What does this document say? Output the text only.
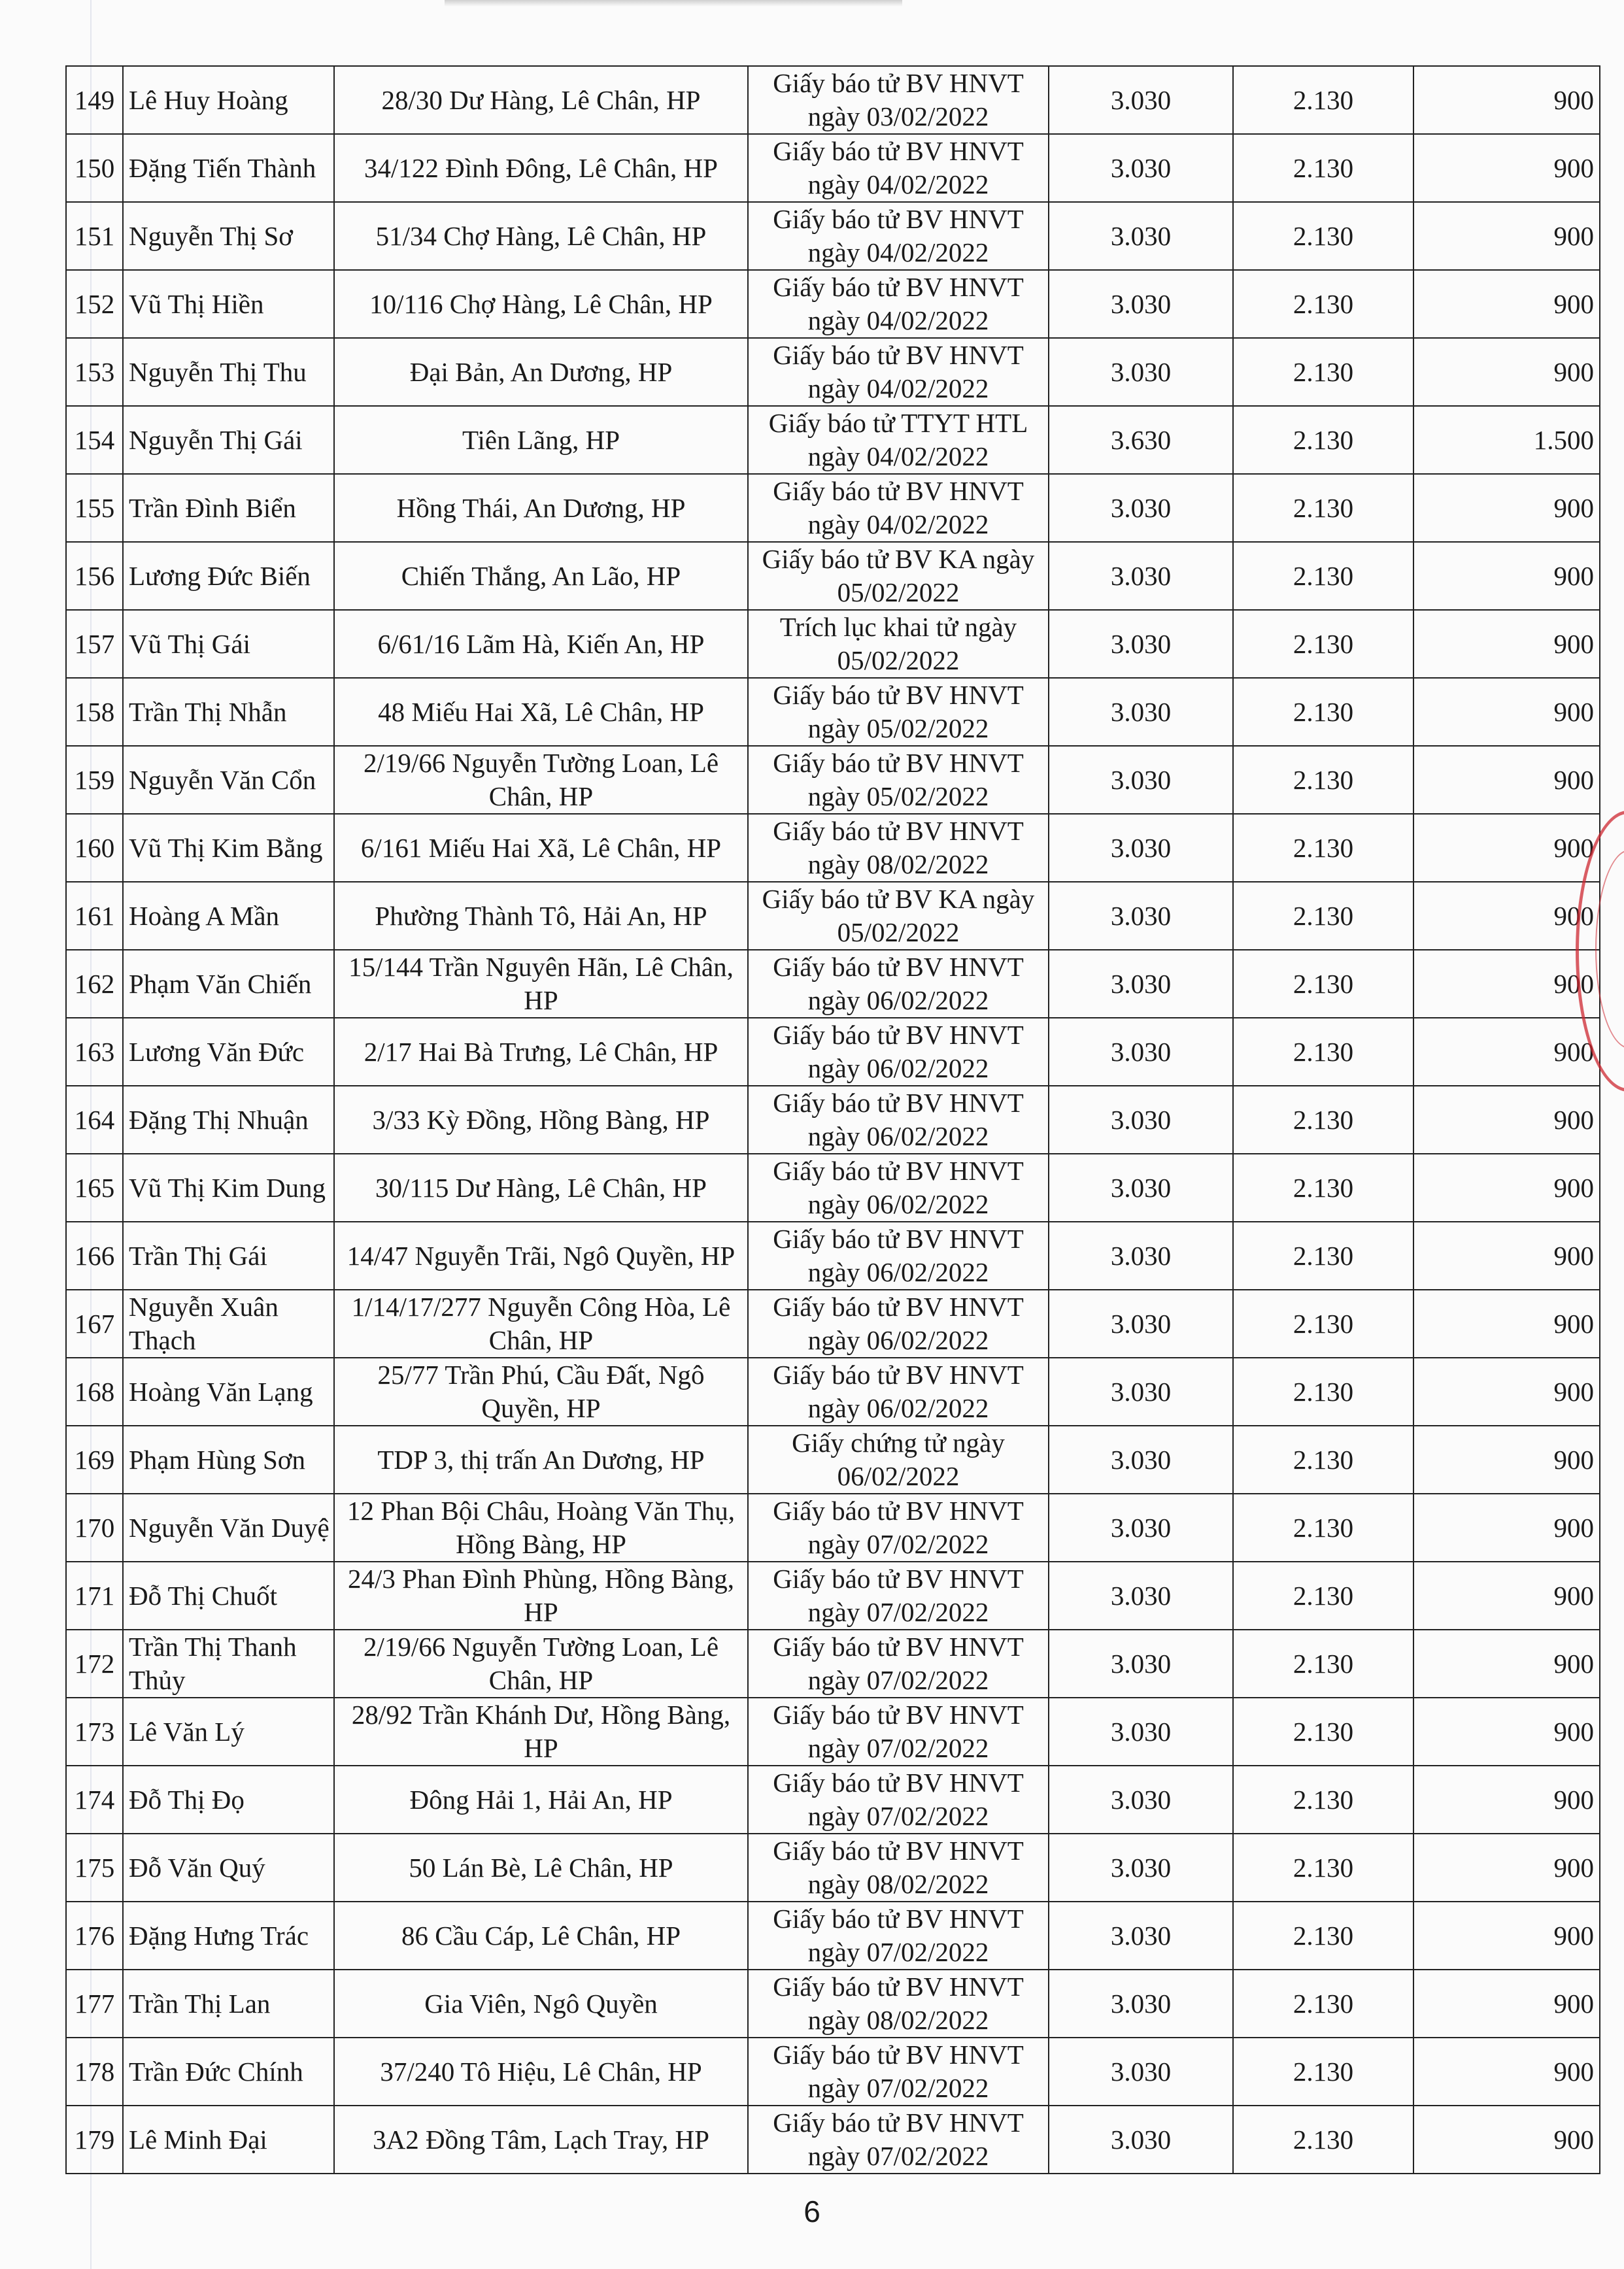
149	Lê Huy Hoàng	28/30 Dư Hàng, Lê Chân, HP	Giấy báo tử BV HNVT ngày 03/02/2022	3.030	2.130	900
150	Đặng Tiến Thành	34/122 Đình Đông, Lê Chân, HP	Giấy báo tử BV HNVT ngày 04/02/2022	3.030	2.130	900
151	Nguyễn Thị Sơ	51/34 Chợ Hàng, Lê Chân, HP	Giấy báo tử BV HNVT ngày 04/02/2022	3.030	2.130	900
152	Vũ Thị Hiền	10/116 Chợ Hàng, Lê Chân, HP	Giấy báo tử BV HNVT ngày 04/02/2022	3.030	2.130	900
153	Nguyễn Thị Thu	Đại Bản, An Dương, HP	Giấy báo tử BV HNVT ngày 04/02/2022	3.030	2.130	900
154	Nguyễn Thị Gái	Tiên Lãng, HP	Giấy báo tử TTYT HTL ngày 04/02/2022	3.630	2.130	1.500
155	Trần Đình Biển	Hồng Thái, An Dương, HP	Giấy báo tử BV HNVT ngày 04/02/2022	3.030	2.130	900
156	Lương Đức Biến	Chiến Thắng, An Lão, HP	Giấy báo tử BV KA ngày 05/02/2022	3.030	2.130	900
157	Vũ Thị Gái	6/61/16 Lãm Hà, Kiến An, HP	Trích lục khai tử ngày 05/02/2022	3.030	2.130	900
158	Trần Thị Nhẫn	48 Miếu Hai Xã, Lê Chân, HP	Giấy báo tử BV HNVT ngày 05/02/2022	3.030	2.130	900
159	Nguyễn Văn Cổn	2/19/66 Nguyễn Tường Loan, Lê Chân, HP	Giấy báo tử BV HNVT ngày 05/02/2022	3.030	2.130	900
160	Vũ Thị Kim Bằng	6/161 Miếu Hai Xã, Lê Chân, HP	Giấy báo tử BV HNVT ngày 08/02/2022	3.030	2.130	900
161	Hoàng A Mần	Phường Thành Tô, Hải An, HP	Giấy báo tử BV KA ngày 05/02/2022	3.030	2.130	900
162	Phạm Văn Chiến	15/144 Trần Nguyên Hãn, Lê Chân, HP	Giấy báo tử BV HNVT ngày 06/02/2022	3.030	2.130	900
163	Lương Văn Đức	2/17 Hai Bà Trưng, Lê Chân, HP	Giấy báo tử BV HNVT ngày 06/02/2022	3.030	2.130	900
164	Đặng Thị Nhuận	3/33 Kỳ Đồng, Hồng Bàng, HP	Giấy báo tử BV HNVT ngày 06/02/2022	3.030	2.130	900
165	Vũ Thị Kim Dung	30/115 Dư Hàng, Lê Chân, HP	Giấy báo tử BV HNVT ngày 06/02/2022	3.030	2.130	900
166	Trần Thị Gái	14/47 Nguyễn Trãi, Ngô Quyền, HP	Giấy báo tử BV HNVT ngày 06/02/2022	3.030	2.130	900
167	Nguyễn Xuân Thạch	1/14/17/277 Nguyễn Công Hòa, Lê Chân, HP	Giấy báo tử BV HNVT ngày 06/02/2022	3.030	2.130	900
168	Hoàng Văn Lạng	25/77 Trần Phú, Cầu Đất, Ngô Quyền, HP	Giấy báo tử BV HNVT ngày 06/02/2022	3.030	2.130	900
169	Phạm Hùng Sơn	TDP 3, thị trấn An Dương, HP	Giấy chứng tử ngày 06/02/2022	3.030	2.130	900
170	Nguyễn Văn Duyệ	12 Phan Bội Châu, Hoàng Văn Thụ, Hồng Bàng, HP	Giấy báo tử BV HNVT ngày 07/02/2022	3.030	2.130	900
171	Đỗ Thị Chuốt	24/3 Phan Đình Phùng, Hồng Bàng, HP	Giấy báo tử BV HNVT ngày 07/02/2022	3.030	2.130	900
172	Trần Thị Thanh Thủy	2/19/66 Nguyễn Tường Loan, Lê Chân, HP	Giấy báo tử BV HNVT ngày 07/02/2022	3.030	2.130	900
173	Lê Văn Lý	28/92 Trần Khánh Dư, Hồng Bàng, HP	Giấy báo tử BV HNVT ngày 07/02/2022	3.030	2.130	900
174	Đỗ Thị Đọ	Đông Hải 1, Hải An, HP	Giấy báo tử BV HNVT ngày 07/02/2022	3.030	2.130	900
175	Đỗ Văn Quý	50 Lán Bè, Lê Chân, HP	Giấy báo tử BV HNVT ngày 08/02/2022	3.030	2.130	900
176	Đặng Hưng Trác	86 Cầu Cáp, Lê Chân, HP	Giấy báo tử BV HNVT ngày 07/02/2022	3.030	2.130	900
177	Trần Thị Lan	Gia Viên, Ngô Quyền	Giấy báo tử BV HNVT ngày 08/02/2022	3.030	2.130	900
178	Trần Đức Chính	37/240 Tô Hiệu, Lê Chân, HP	Giấy báo tử BV HNVT ngày 07/02/2022	3.030	2.130	900
179	Lê Minh Đại	3A2 Đồng Tâm, Lạch Tray, HP	Giấy báo tử BV HNVT ngày 07/02/2022	3.030	2.130	900
6
